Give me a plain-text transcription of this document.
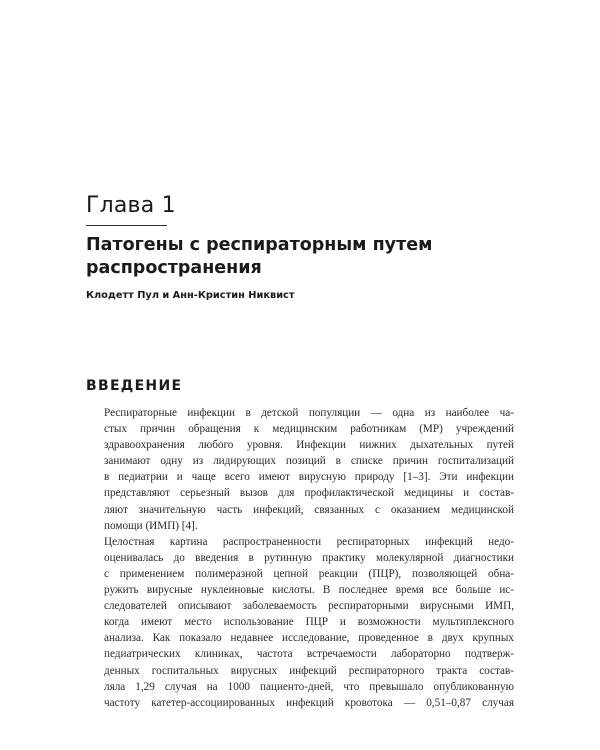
Глава 1
Патогены с респираторным путем распространения
Клодетт Пул и Анн-Кристин Никвист
ВВЕДЕНИЕ

Респираторные инфекции в детской популяции — одна из наиболее ча-
стых причин обращения к медицинским работникам (МР) учреждений
здравоохранения любого уровня. Инфекции нижних дыхательных путей
занимают одну из лидирующих позиций в списке причин госпитализаций
в педиатрии и чаще всего имеют вирусную природу [1–3]. Эти инфекции
представляют серьезный вызов для профилактической медицины и состав-
ляют значительную часть инфекций, связанных с оказанием медицинской
помощи (ИМП) [4].

Целостная картина распространенности респираторных инфекций недо-
оценивалась до введения в рутинную практику молекулярной диагностики
с применением полимеразной цепной реакции (ПЦР), позволяющей обна-
ружить вирусные нуклеиновые кислоты. В последнее время все больше ис-
следователей описывают заболеваемость респираторными вирусными ИМП,
когда имеют место использование ПЦР и возможности мультиплексного
анализа. Как показало недавнее исследование, проведенное в двух крупных
педиатрических клиниках, частота встречаемости лабораторно подтверж-
денных госпитальных вирусных инфекций респираторного тракта состав-
ляла 1,29 случая на 1000 пациенто-дней, что превышало опубликованную
частоту катетер-ассоциированных инфекций кровотока — 0,51–0,87 случая
